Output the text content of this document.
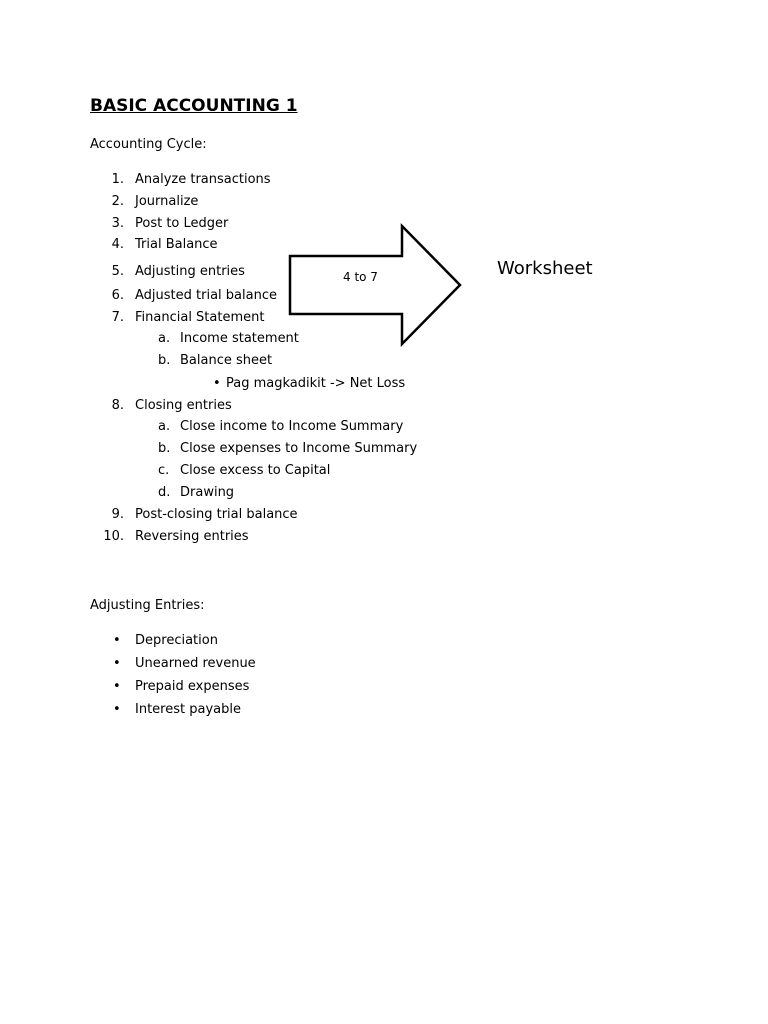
BASIC ACCOUNTING 1
Accounting Cycle:
1. Analyze transactions
2. Journalize
3. Post to Ledger
4. Trial Balance
5. Adjusting entries
6. Adjusted trial balance
7. Financial Statement
a. Income statement
b. Balance sheet
• Pag magkadikit -> Net Loss
8. Closing entries
a. Close income to Income Summary
b. Close expenses to Income Summary
c. Close excess to Capital
d. Drawing
9. Post-closing trial balance
10. Reversing entries
4 to 7	Worksheet
Adjusting Entries:
• Depreciation
• Unearned revenue
• Prepaid expenses
• Interest payable
